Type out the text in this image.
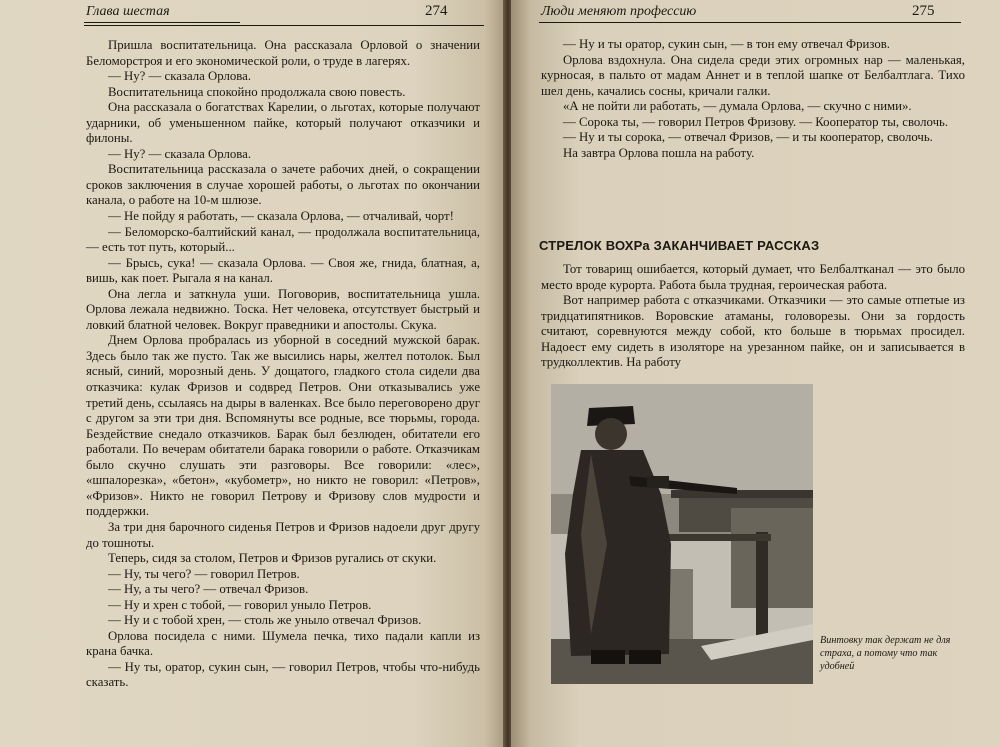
Глава шестая	274

Пришла воспитательница. Она рассказала Орловой о значении Беломорстроя и его экономической роли, о труде в лагерях.

— Ну? — сказала Орлова.

Воспитательница спокойно продолжала свою повесть.

Она рассказала о богатствах Карелии, о льготах, которые получают ударники, об уменьшенном пайке, который получают отказчики и филоны.

— Ну? — сказала Орлова.

Воспитательница рассказала о зачете рабочих дней, о сокращении сроков заключения в случае хорошей работы, о льготах по окончании канала, о работе на 10-м шлюзе.

— Не пойду я работать, — сказала Орлова, — отчаливай, чорт!

— Беломорско-балтийский канал, — продолжала воспитательница, — есть тот путь, который...

— Брысь, сука! — сказала Орлова. — Своя же, гнида, блатная, а, вишь, как поет. Рыгала я на канал.

Она легла и заткнула уши. Поговорив, воспитательница ушла. Орлова лежала недвижно. Тоска. Нет человека, отсутствует быстрый и ловкий блатной человек. Вокруг праведники и апостолы. Скука.

Днем Орлова пробралась из уборной в соседний мужской барак. Здесь было так же пусто. Так же высились нары, желтел потолок. Был ясный, синий, морозный день. У дощатого, гладкого стола сидели два отказчика: кулак Фризов и содвред Петров. Они отказывались уже третий день, ссылаясь на дыры в валенках. Все было переговорено друг с другом за эти три дня. Вспомянуты все родные, все тюрьмы, города. Бездействие снедало отказчиков. Барак был безлюден, обитатели его работали. По вечерам обитатели барака говорили о работе. Отказчикам было скучно слушать эти разговоры. Все говорили: «лес», «шпалорезка», «бетон», «кубометр», но никто не говорил: «Петров», «Фризов». Никто не говорил Петрову и Фризову слов мудрости и поддержки.

За три дня барочного сиденья Петров и Фризов надоели друг другу до тошноты.

Теперь, сидя за столом, Петров и Фризов ругались от скуки.

— Ну, ты чего? — говорил Петров.

— Ну, а ты чего? — отвечал Фризов.

— Ну и хрен с тобой, — говорил уныло Петров.

— Ну и с тобой хрен, — столь же уныло отвечал Фризов.

Орлова посидела с ними. Шумела печка, тихо падали капли из крана бачка.

— Ну ты, оратор, сукин сын, — говорил Петров, чтобы что-нибудь сказать.

Люди меняют профессию	275

— Ну и ты оратор, сукин сын, — в тон ему отвечал Фризов.

Орлова вздохнула. Она сидела среди этих огромных нар — маленькая, курносая, в пальто от мадам Аннет и в теплой шапке от Белбалтлага. Тихо шел день, качались сосны, кричали галки.

«А не пойти ли работать, — думала Орлова, — скучно с ними».

— Сорока ты, — говорил Петров Фризову. — Кооператор ты, сволочь.

— Ну и ты сорока, — отвечал Фризов, — и ты кооператор, сволочь.

На завтра Орлова пошла на работу.

СТРЕЛОК ВОХРа ЗАКАНЧИВАЕТ РАССКАЗ

Тот товарищ ошибается, который думает, что Белбалтканал — это было место вроде курорта. Работа была трудная, героическая работа.

Вот например работа с отказчиками. Отказчики — это самые отпетые из тридцатипятников. Воровские атаманы, головорезы. Они за гордость считают, соревнуются между собой, кто больше в тюрьмах просидел. Надоест ему сидеть в изоляторе на урезанном пайке, он и записывается в трудколлектив. На работу

Винтовку так держат не для страха, а потому что так удобней
